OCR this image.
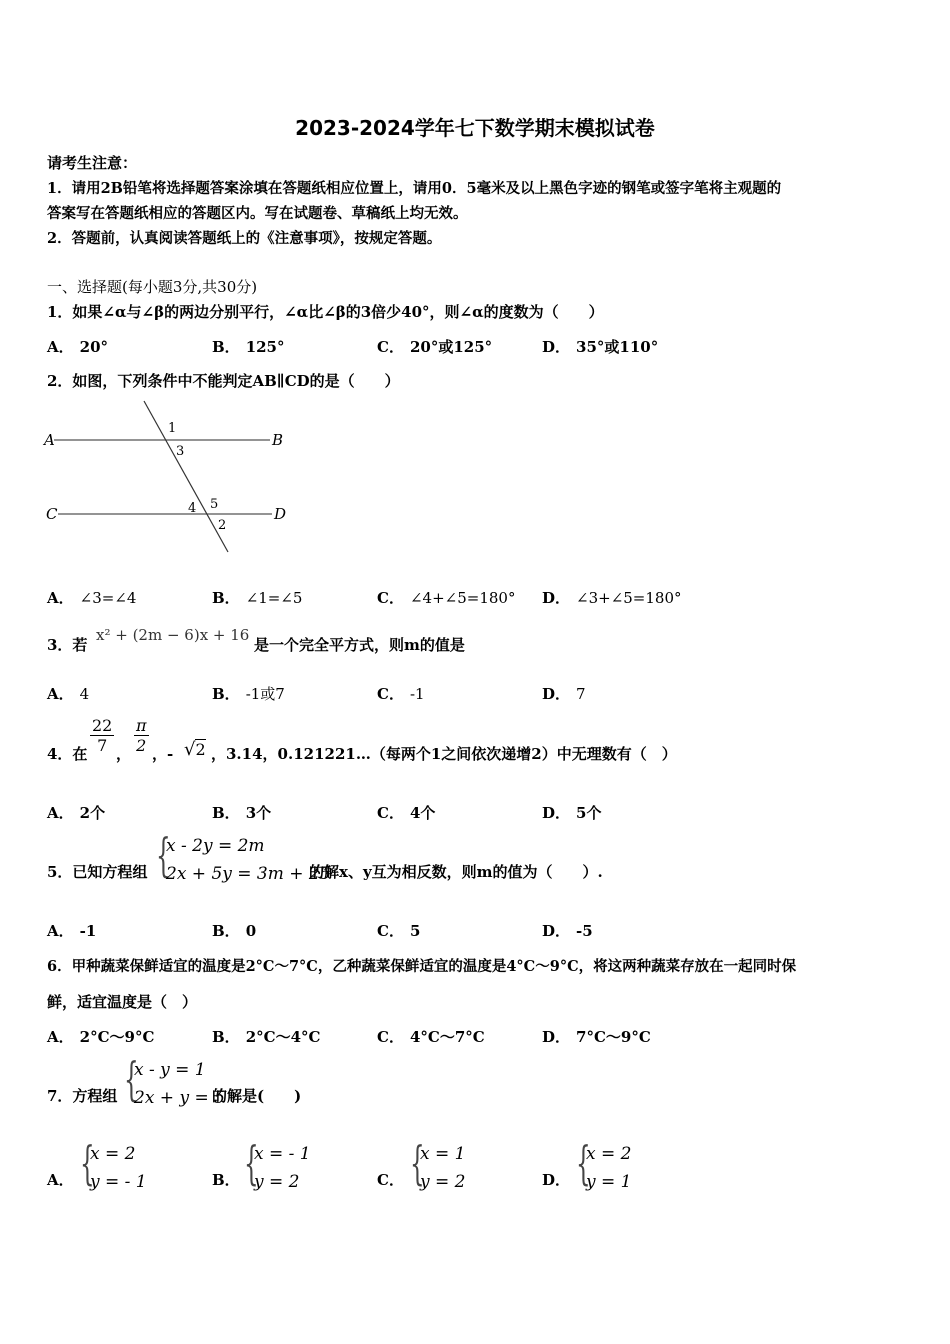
2023-2024学年七下数学期末模拟试卷
请考生注意：
1．请用2B铅笔将选择题答案涂填在答题纸相应位置上，请用0．5毫米及以上黑色字迹的钢笔或签字笔将主观题的
答案写在答题纸相应的答题区内。写在试题卷、草稿纸上均无效。
2．答题前，认真阅读答题纸上的《注意事项》，按规定答题。
一、选择题(每小题3分,共30分)
1．如果∠α与∠β的两边分别平行，∠α比∠β的3倍少40°，则∠α的度数为（　　）
A． 20°	B． 125°	C． 20°或125°	D． 35°或110°
2．如图，下列条件中不能判定AB∥CD的是（　　）
A	B
C	D
1
3
4 5
2
A． ∠3=∠4	B． ∠1=∠5	C． ∠4+∠5=180° D． ∠3+∠5=180°
3．若
x² + (2m − 6)x + 16
是一个完全平方式，则m的值是
A． 4	B． -1或7	C． -1	D． 7
4．在 $\frac{22}{7}$ ， $\frac{\pi}{2}$ ，- √2 ，3.14，0.121221…（每两个1之间依次递增2）中无理数有（　）
A． 2个	B． 3个	C． 4个	D． 5个
5．已知方程组 {
x - 2y = 2m
2x + 5y = 3m + 25
的解x、y互为相反数，则m的值为（　　）.
A． -1	B． 0	C． 5	D． -5
6．甲种蔬菜保鲜适宜的温度是2°C～7°C，乙种蔬菜保鲜适宜的温度是4°C～9°C，将这两种蔬菜存放在一起同时保
鲜，适宜温度是（　）
A． 2°C～9°C	B． 2°C～4°C	C． 4°C～7°C	D． 7°C～9°C
7．方程组 {
x - y = 1
2x + y = 5
的解是(　　)
A． {
x = 2
y = - 1	B． {
x = - 1
y = 2	C． {
x = 1
y = 2	D． {
x = 2
y = 1
